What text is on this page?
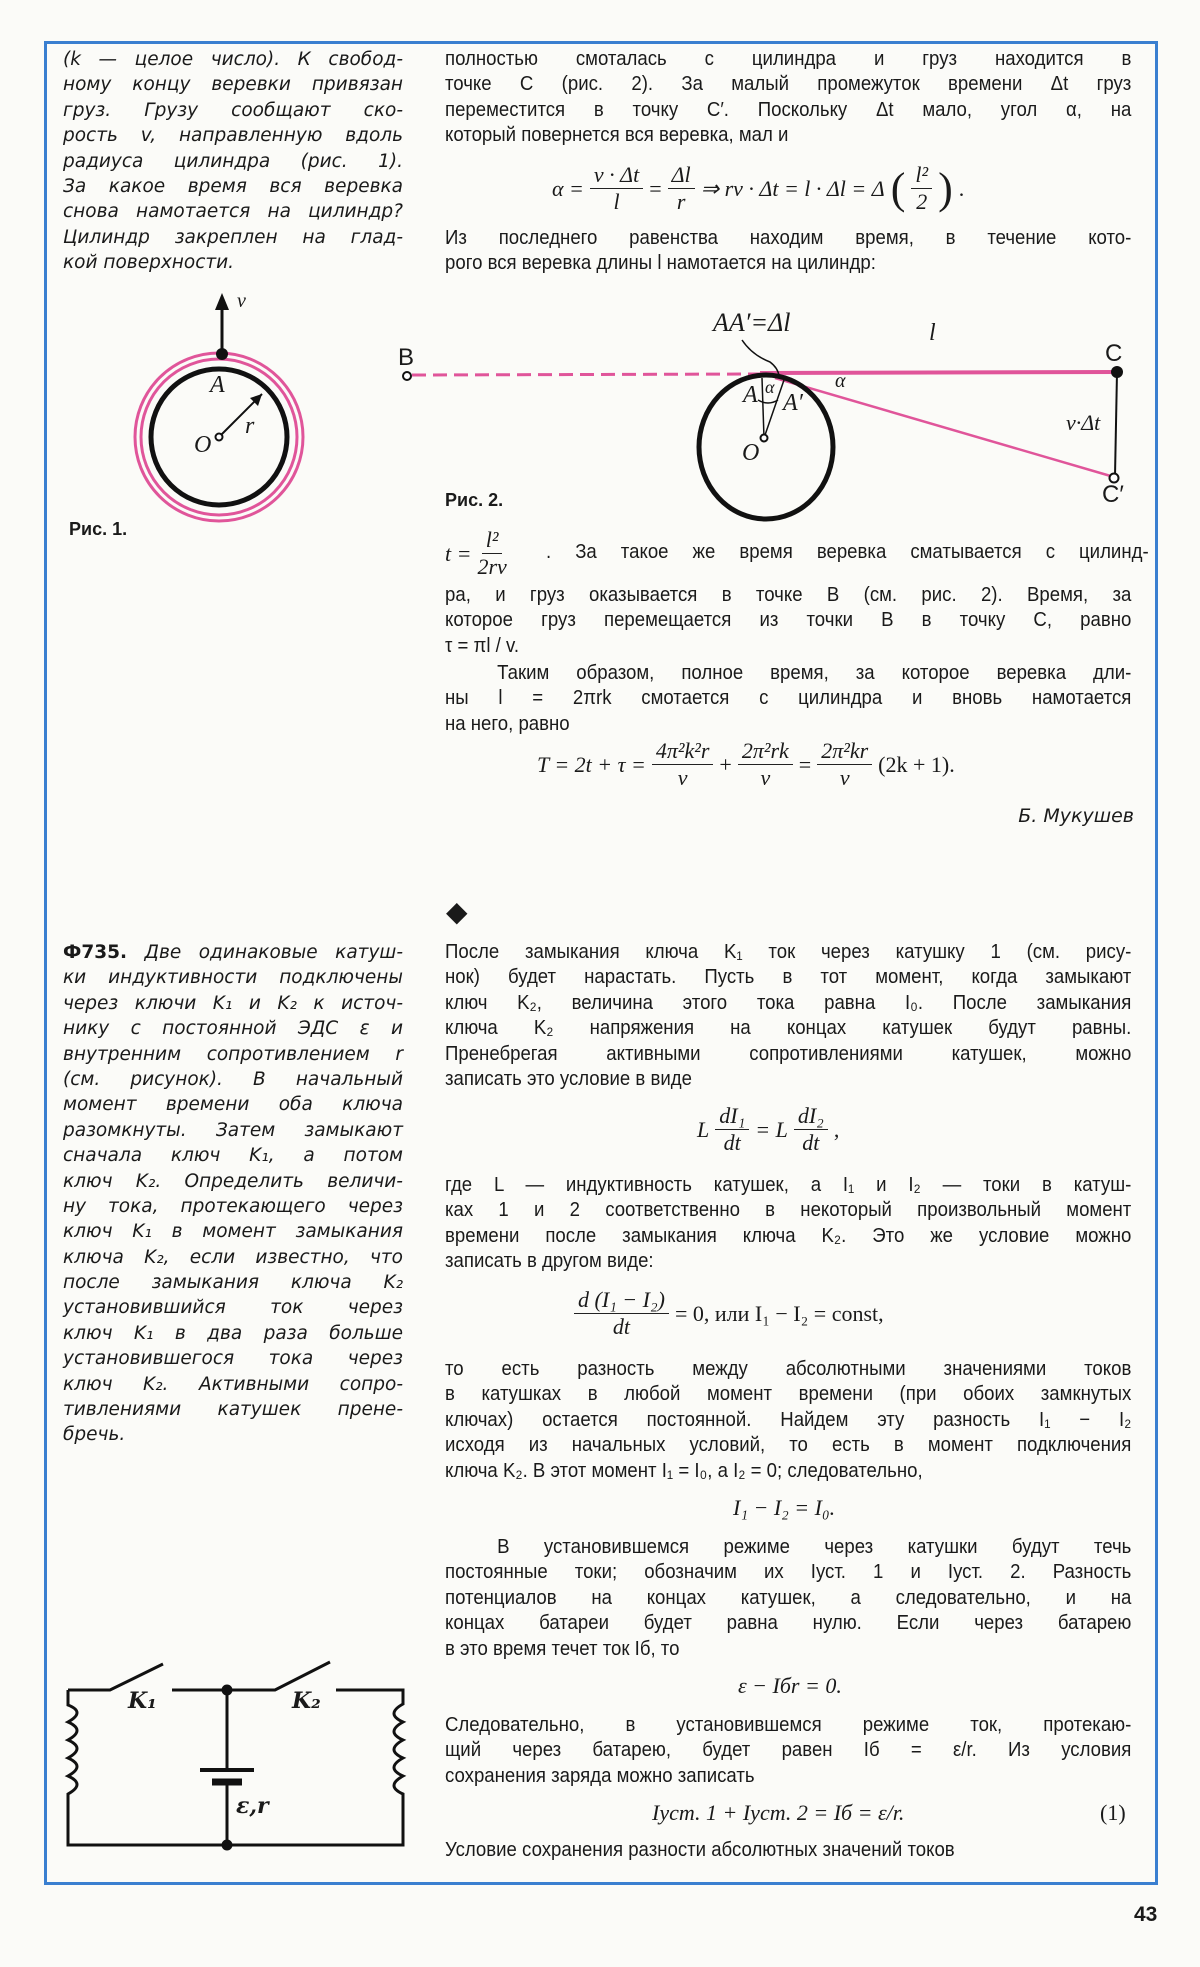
(k — целое число). К свобод-
ному концу веревки привязан
груз. Грузу сообщают ско-
рость v, направленную вдоль
радиуса цилиндра (рис. 1).
За какое время вся веревка
снова намотается на цилиндр?
Цилиндр закреплен на глад-
кой поверхности.
v
A
O
r
Рис. 1.
AA′=Δl	l
B	C
C′
A A′
α	α
O
v·Δt
Рис. 2.
полностью смоталась с цилиндра и груз находится в
точке C (рис. 2). За малый промежуток времени Δt груз
переместится в точку C′. Поскольку Δt мало, угол α, на
который повернется вся веревка, мал и
$\alpha = \frac{v \cdot \Delta t}{l} = \frac{\Delta l}{r}$ ⇒ rv · Δt = l · Δl = Δ ( $\frac{\text{l²}}{2}$ ) .
Из последнего равенства находим время, в течение кото-
рого вся веревка длины l намотается на цилиндр:
$t = \frac{\text{l²}}{2rv}$ . За такое же время веревка сматывается с цилинд-
ра, и груз оказывается в точке B (см. рис. 2). Время, за
которое груз перемещается из точки B в точку C, равно
τ = πl / v.
Таким образом, полное время, за которое веревка дли-
ны l = 2πrk смотается с цилиндра и вновь намотается
на него, равно
$T = 2t + \tau = \frac{\text{4π²k²r}}{v} + \frac{\text{2π²rk}}{v} = \frac{\text{2π²kr}}{v} (2k + 1)$.
Б. Мукушев
◆
Ф735. Две одинаковые катуш-
ки индуктивности подключены
через ключи K₁ и K₂ к источ-
нику с постоянной ЭДС ε и
внутренним сопротивлением r
(см. рисунок). В начальный
момент времени оба ключа
разомкнуты. Затем замыкают
сначала ключ K₁, а потом
ключ K₂. Определить величи-
ну тока, протекающего через
ключ K₁ в момент замыкания
ключа K₂, если известно, что
после замыкания ключа K₂
установившийся ток через
ключ K₁ в два раза больше
установившегося тока через
ключ K₂. Активными сопро-
тивлениями катушек прене-
бречь.
K₁	K₂
ε,r
После замыкания ключа K₁ ток через катушку 1 (см. рису-
нок) будет нарастать. Пусть в тот момент, когда замыкают
ключ K₂, величина этого тока равна I₀. После замыкания
ключа K₂ напряжения на концах катушек будут равны.
Пренебрегая активными сопротивлениями катушек, можно
записать это условие в виде
L $\frac{\text{dI₁}}{dt} = L \frac{\text{dI₂}}{dt}$ ,
где L — индуктивность катушек, а I₁ и I₂ — токи в катуш-
ках 1 и 2 соответственно в некоторый произвольный момент
времени после замыкания ключа K₂. Это же условие можно
записать в другом виде:
$\frac{\text{d (I₁ − I₂)}}{dt} = 0$, или I₁ − I₂ = const,
то есть разность между абсолютными значениями токов
в катушках в любой момент времени (при обоих замкнутых
ключах) остается постоянной. Найдем эту разность I₁ − I₂
исходя из начальных условий, то есть в момент подключения
ключа K₂. В этот момент I₁ = I₀, а I₂ = 0; следовательно,
I₁ − I₂ = I₀.
В установившемся режиме через катушки будут течь
постоянные токи; обозначим их Iуст. 1 и Iуст. 2. Разность
потенциалов на концах катушек, а следовательно, и на
концах батареи будет равна нулю. Если через батарею
в это время течет ток Iб, то
ε − Iбr = 0.
Следовательно, в установившемся режиме ток, протекаю-
щий через батарею, будет равен Iб = ε/r. Из условия
сохранения заряда можно записать
Iуст. 1 + Iуст. 2 = Iб = ε/r.	(1)
Условие сохранения разности абсолютных значений токов
43
